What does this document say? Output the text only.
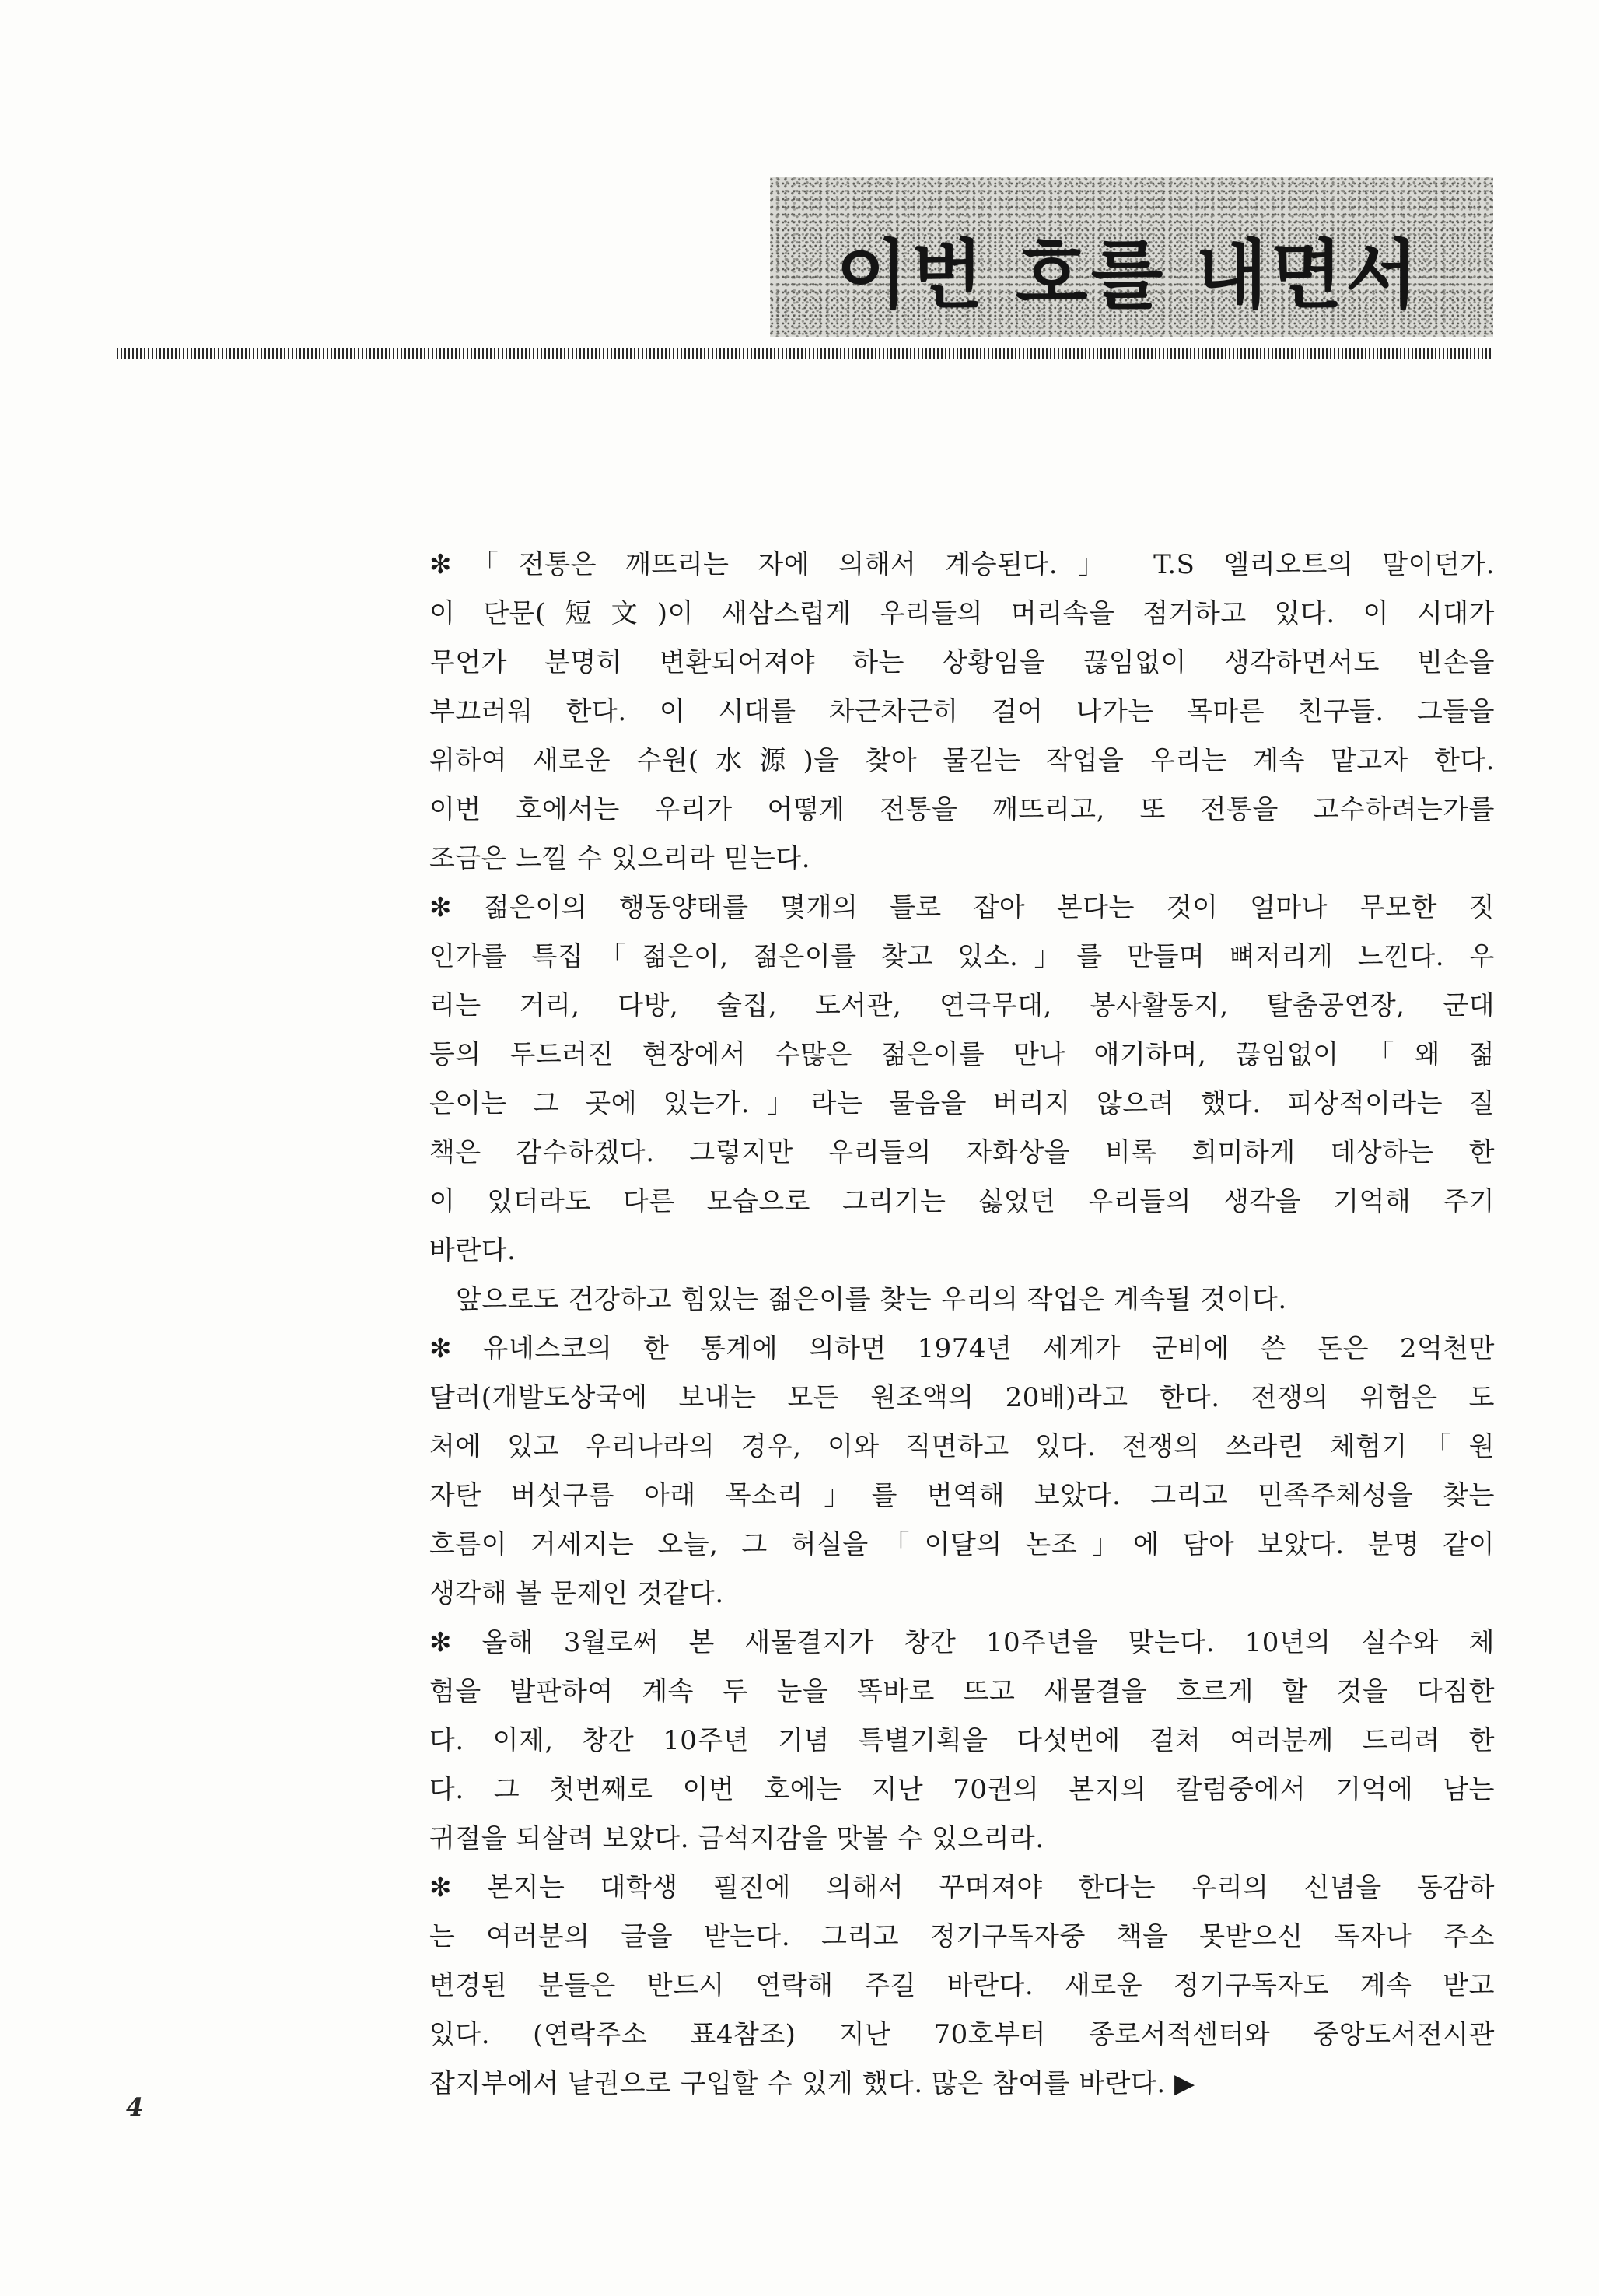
이번 호를 내면서
✻「전통은 깨뜨리는 자에 의해서 계승된다.」 T.S 엘리오트의 말이던가.
이 단문(短文)이 새삼스럽게 우리들의 머리속을 점거하고 있다. 이 시대가
무언가 분명히 변환되어져야 하는 상황임을 끊임없이 생각하면서도 빈손을
부끄러워 한다. 이 시대를 차근차근히 걸어 나가는 목마른 친구들. 그들을
위하여 새로운 수원(水源)을 찾아 물긷는 작업을 우리는 계속 맡고자 한다.
이번 호에서는 우리가 어떻게 전통을 깨뜨리고, 또 전통을 고수하려는가를
조금은 느낄 수 있으리라 믿는다.
✻ 젊은이의 행동양태를 몇개의 틀로 잡아 본다는 것이 얼마나 무모한 짓
인가를 특집「젊은이, 젊은이를 찾고 있소.」를 만들며 뼈저리게 느낀다. 우
리는 거리, 다방, 술집, 도서관, 연극무대, 봉사활동지, 탈춤공연장, 군대
등의 두드러진 현장에서 수많은 젊은이를 만나 얘기하며, 끊임없이 「왜 젊
은이는 그 곳에 있는가.」라는 물음을 버리지 않으려 했다. 피상적이라는 질
책은 감수하겠다. 그렇지만 우리들의 자화상을 비록 희미하게 데상하는 한
이 있더라도 다른 모습으로 그리기는 싫었던 우리들의 생각을 기억해 주기
바란다.
앞으로도 건강하고 힘있는 젊은이를 찾는 우리의 작업은 계속될 것이다.
✻ 유네스코의 한 통계에 의하면 1974년 세계가 군비에 쓴 돈은 2억천만
달러(개발도상국에 보내는 모든 원조액의 20배)라고 한다. 전쟁의 위험은 도
처에 있고 우리나라의 경우, 이와 직면하고 있다. 전쟁의 쓰라린 체험기「원
자탄 버섯구름 아래 목소리」를 번역해 보았다. 그리고 민족주체성을 찾는
흐름이 거세지는 오늘, 그 허실을「이달의 논조」에 담아 보았다. 분명 같이
생각해 볼 문제인 것같다.
✻ 올해 3월로써 본 새물결지가 창간 10주년을 맞는다. 10년의 실수와 체
험을 발판하여 계속 두 눈을 똑바로 뜨고 새물결을 흐르게 할 것을 다짐한
다. 이제, 창간 10주년 기념 특별기획을 다섯번에 걸쳐 여러분께 드리려 한
다. 그 첫번째로 이번 호에는 지난 70권의 본지의 칼럼중에서 기억에 남는
귀절을 되살려 보았다. 금석지감을 맛볼 수 있으리라.
✻ 본지는 대학생 필진에 의해서 꾸며져야 한다는 우리의 신념을 동감하
는 여러분의 글을 받는다. 그리고 정기구독자중 책을 못받으신 독자나 주소
변경된 분들은 반드시 연락해 주길 바란다. 새로운 정기구독자도 계속 받고
있다. (연락주소 표4참조) 지난 70호부터 종로서적센터와 중앙도서전시관
잡지부에서 낱권으로 구입할 수 있게 했다. 많은 참여를 바란다. ▶
4
